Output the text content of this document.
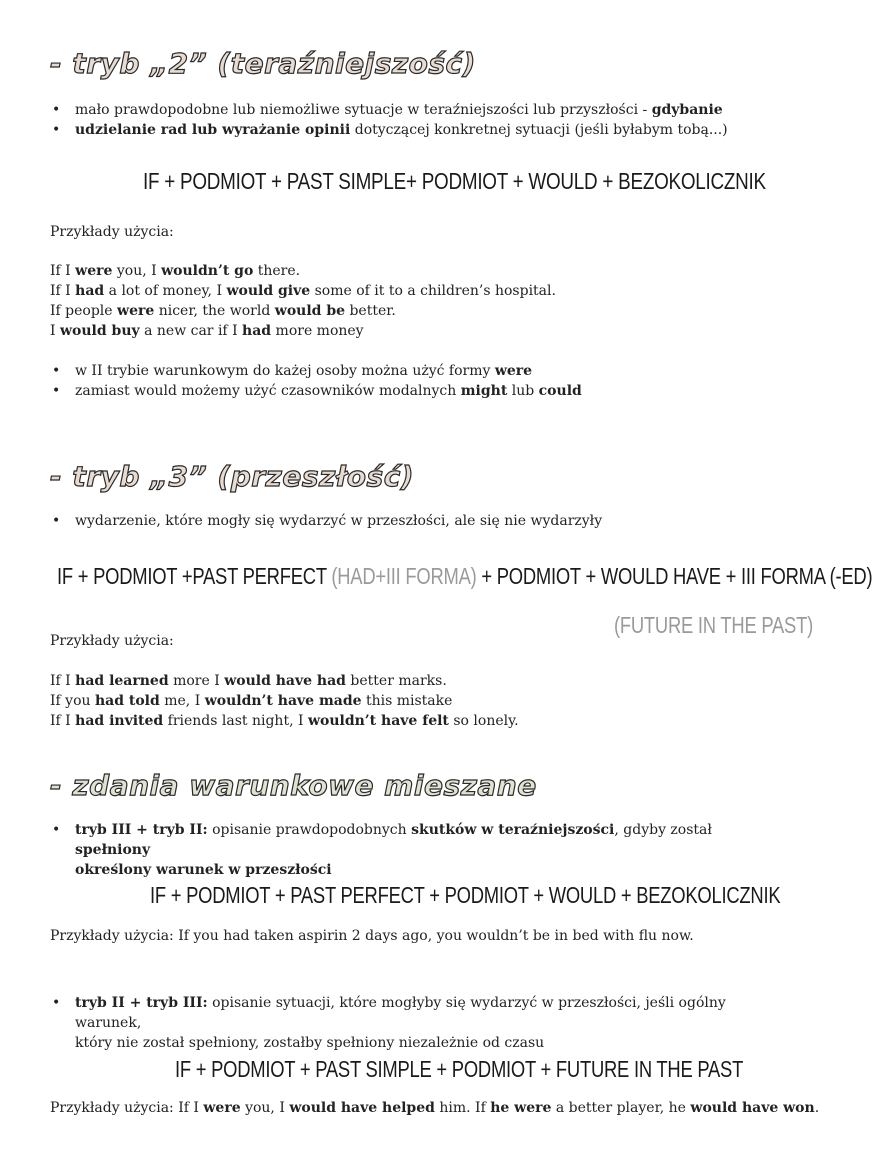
- tryb „2” (teraźniejszość)
• mało prawdopodobne lub niemożliwe sytuacje w teraźniejszości lub przyszłości - gdybanie
• udzielanie rad lub wyrażanie opinii dotyczącej konkretnej sytuacji (jeśli byłabym tobą...)
IF + PODMIOT + PAST SIMPLE+ PODMIOT + WOULD + BEZOKOLICZNIK
Przykłady użycia:
If I were you, I wouldn’t go there.
If I had a lot of money, I would give some of it to a children’s hospital.
If people were nicer, the world would be better.
I would buy a new car if I had more money
• w II trybie warunkowym do każej osoby można użyć formy were
• zamiast would możemy użyć czasowników modalnych might lub could
- tryb „3” (przeszłość)
• wydarzenie, które mogły się wydarzyć w przeszłości, ale się nie wydarzyły
IF + PODMIOT +PAST PERFECT (HAD+III FORMA) + PODMIOT + WOULD HAVE + III FORMA (-ED)
(FUTURE IN THE PAST)
Przykłady użycia:
If I had learned more I would have had better marks.
If you had told me, I wouldn’t have made this mistake
If I had invited friends last night, I wouldn’t have felt so lonely.
- zdania warunkowe mieszane
• tryb III + tryb II: opisanie prawdopodobnych skutków w teraźniejszości, gdyby został spełniony
określony warunek w przeszłości
IF + PODMIOT + PAST PERFECT + PODMIOT + WOULD + BEZOKOLICZNIK
Przykłady użycia: If you had taken aspirin 2 days ago, you wouldn’t be in bed with flu now.
• tryb II + tryb III: opisanie sytuacji, które mogłyby się wydarzyć w przeszłości, jeśli ogólny warunek,
który nie został spełniony, zostałby spełniony niezależnie od czasu
IF + PODMIOT + PAST SIMPLE + PODMIOT + FUTURE IN THE PAST
Przykłady użycia: If I were you, I would have helped him. If he were a better player, he would have won.
